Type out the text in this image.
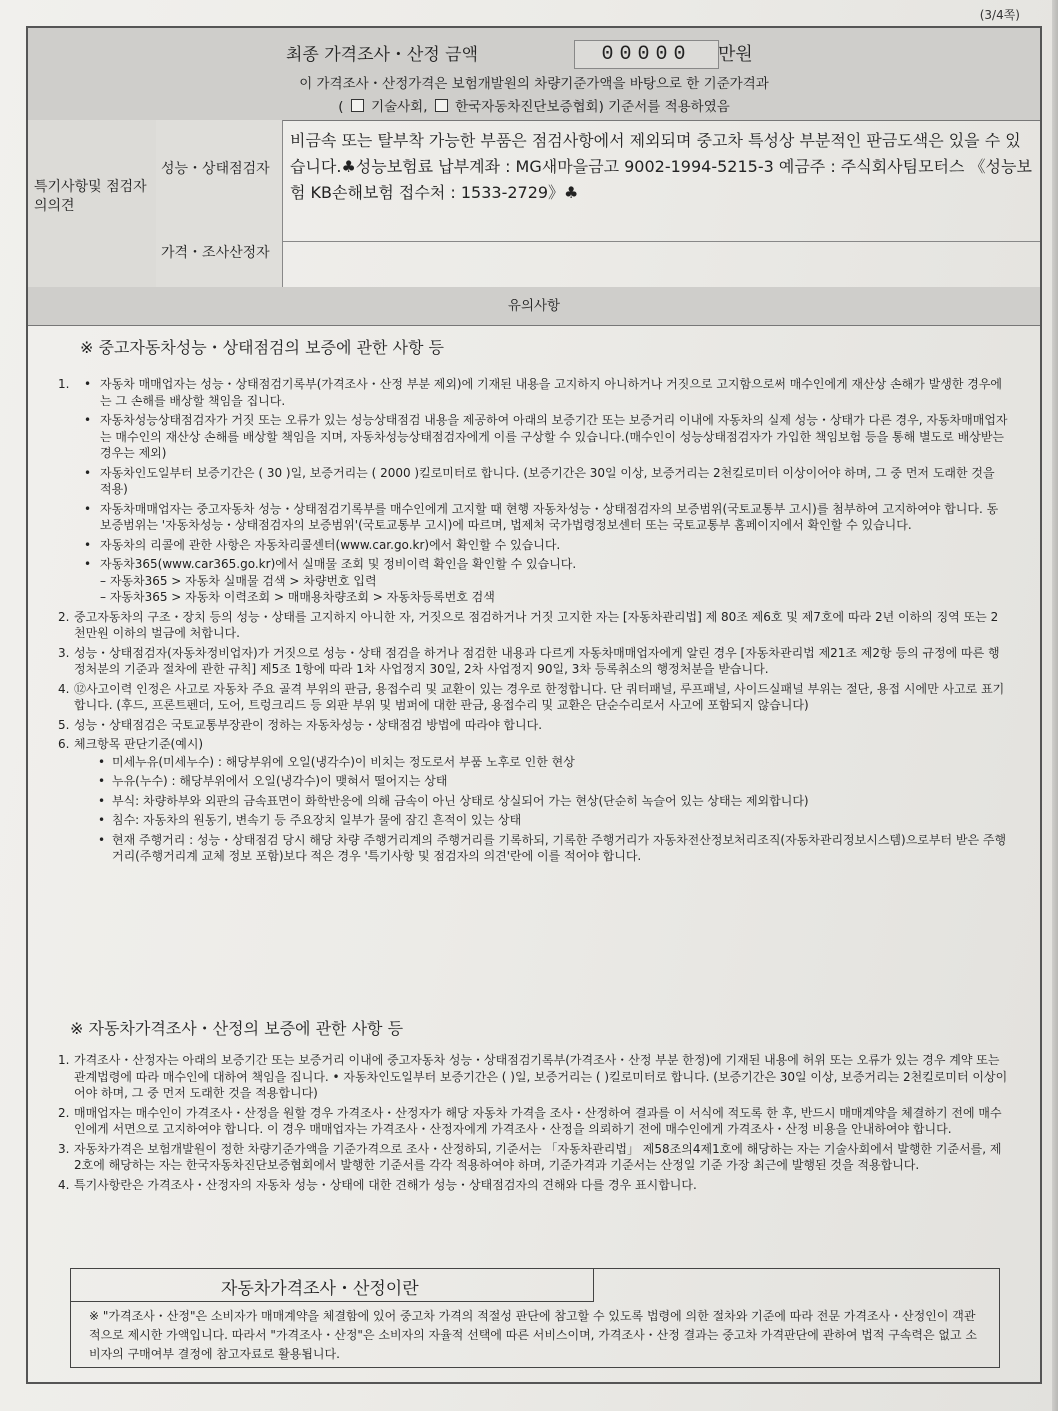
(3/4쪽)
최종 가격조사・산정 금액	00000	만원
이 가격조사・산정가격은 보험개발원의 차량기준가액을 바탕으로 한 기준가격과
( 기술사회, 한국자동차진단보증협회) 기준서를 적용하였음
특기사항및 점검자의의견
성능・상태점검자
가격・조사산정자
비금속 또는 탈부착 가능한 부품은 점검사항에서 제외되며 중고차 특성상 부분적인 판금도색은 있을 수 있습니다.♣성능보험료 납부계좌 : MG새마을금고 9002-1994-5215-3 예금주 : 주식회사팀모터스 《성능보험 KB손해보험 접수처 : 1533-2729》♣
유의사항
※ 중고자동차성능・상태점검의 보증에 관한 사항 등
1. • 자동차 매매업자는 성능・상태점검기록부(가격조사・산정 부분 제외)에 기재된 내용을 고지하지 아니하거나 거짓으로 고지함으로써 매수인에게 재산상 손해가 발생한 경우에는 그 손해를 배상할 책임을 집니다.
• 자동차성능상태점검자가 거짓 또는 오류가 있는 성능상태점검 내용을 제공하여 아래의 보증기간 또는 보증거리 이내에 자동차의 실제 성능・상태가 다른 경우, 자동차매매업자는 매수인의 재산상 손해를 배상할 책임을 지며, 자동차성능상태점검자에게 이를 구상할 수 있습니다.(매수인이 성능상태점검자가 가입한 책임보험 등을 통해 별도로 배상받는 경우는 제외)
• 자동차인도일부터 보증기간은 ( 30 )일, 보증거리는 ( 2000 )킬로미터로 합니다. (보증기간은 30일 이상, 보증거리는 2천킬로미터 이상이어야 하며, 그 중 먼저 도래한 것을 적용)
• 자동차매매업자는 중고자동차 성능・상태점검기록부를 매수인에게 고지할 때 현행 자동차성능・상태점검자의 보증범위(국토교통부 고시)를 첨부하여 고지하여야 합니다. 동 보증범위는 '자동차성능・상태점검자의 보증범위'(국토교통부 고시)에 따르며, 법제처 국가법령정보센터 또는 국토교통부 홈페이지에서 확인할 수 있습니다.
• 자동차의 리콜에 관한 사항은 자동차리콜센터(www.car.go.kr)에서 확인할 수 있습니다.
• 자동차365(www.car365.go.kr)에서 실매물 조회 및 정비이력 확인을 확인할 수 있습니다.
– 자동차365 > 자동차 실매물 검색 > 차량번호 입력
– 자동차365 > 자동차 이력조회 > 매매용차량조회 > 자동차등록번호 검색
2. 중고자동차의 구조・장치 등의 성능・상태를 고지하지 아니한 자, 거짓으로 점검하거나 거짓 고지한 자는 [자동차관리법] 제 80조 제6호 및 제7호에 따라 2년 이하의 징역 또는 2천만원 이하의 벌금에 처합니다.
3. 성능・상태점검자(자동차정비업자)가 거짓으로 성능・상태 점검을 하거나 점검한 내용과 다르게 자동차매매업자에게 알린 경우 [자동차관리법 제21조 제2항 등의 규정에 따른 행정처분의 기준과 절차에 관한 규칙] 제5조 1항에 따라 1차 사업정지 30일, 2차 사업정지 90일, 3차 등록취소의 행정처분을 받습니다.
4. ⑫사고이력 인정은 사고로 자동차 주요 골격 부위의 판금, 용접수리 및 교환이 있는 경우로 한정합니다. 단 쿼터패널, 루프패널, 사이드실패널 부위는 절단, 용접 시에만 사고로 표기합니다. (후드, 프론트펜더, 도어, 트렁크리드 등 외판 부위 및 범퍼에 대한 판금, 용접수리 및 교환은 단순수리로서 사고에 포함되지 않습니다)
5. 성능・상태점검은 국토교통부장관이 정하는 자동차성능・상태점검 방법에 따라야 합니다.
6. 체크항목 판단기준(예시)
• 미세누유(미세누수) : 해당부위에 오일(냉각수)이 비치는 정도로서 부품 노후로 인한 현상
• 누유(누수) : 해당부위에서 오일(냉각수)이 맺혀서 떨어지는 상태
• 부식: 차량하부와 외판의 금속표면이 화학반응에 의해 금속이 아닌 상태로 상실되어 가는 현상(단순히 녹슬어 있는 상태는 제외합니다)
• 침수: 자동차의 원동기, 변속기 등 주요장치 일부가 물에 잠긴 흔적이 있는 상태
• 현재 주행거리 : 성능・상태점검 당시 해당 차량 주행거리계의 주행거리를 기록하되, 기록한 주행거리가 자동차전산정보처리조직(자동차관리정보시스템)으로부터 받은 주행거리(주행거리계 교체 정보 포함)보다 적은 경우 '특기사항 및 점검자의 의견'란에 이를 적어야 합니다.
※ 자동차가격조사・산정의 보증에 관한 사항 등
1. 가격조사・산정자는 아래의 보증기간 또는 보증거리 이내에 중고자동차 성능・상태점검기록부(가격조사・산정 부분 한정)에 기재된 내용에 허위 또는 오류가 있는 경우 계약 또는 관계법령에 따라 매수인에 대하여 책임을 집니다. • 자동차인도일부터 보증기간은 ( )일, 보증거리는 ( )킬로미터로 합니다. (보증기간은 30일 이상, 보증거리는 2천킬로미터 이상이어야 하며, 그 중 먼저 도래한 것을 적용합니다)
2. 매매업자는 매수인이 가격조사・산정을 원할 경우 가격조사・산정자가 해당 자동차 가격을 조사・산정하여 결과를 이 서식에 적도록 한 후, 반드시 매매계약을 체결하기 전에 매수인에게 서면으로 고지하여야 합니다. 이 경우 매매업자는 가격조사・산정자에게 가격조사・산정을 의뢰하기 전에 매수인에게 가격조사・산정 비용을 안내하여야 합니다.
3. 자동차가격은 보험개발원이 정한 차량기준가액을 기준가격으로 조사・산정하되, 기준서는 「자동차관리법」 제58조의4제1호에 해당하는 자는 기술사회에서 발행한 기준서를, 제2호에 해당하는 자는 한국자동차진단보증협회에서 발행한 기준서를 각각 적용하여야 하며, 기준가격과 기준서는 산정일 기준 가장 최근에 발행된 것을 적용합니다.
4. 특기사항란은 가격조사・산정자의 자동차 성능・상태에 대한 견해가 성능・상태점검자의 견해와 다를 경우 표시합니다.
자동차가격조사・산정이란
※ "가격조사・산정"은 소비자가 매매계약을 체결함에 있어 중고차 가격의 적절성 판단에 참고할 수 있도록 법령에 의한 절차와 기준에 따라 전문 가격조사・산정인이 객관적으로 제시한 가액입니다. 따라서 "가격조사・산정"은 소비자의 자율적 선택에 따른 서비스이며, 가격조사・산정 결과는 중고차 가격판단에 관하여 법적 구속력은 없고 소비자의 구매여부 결정에 참고자료로 활용됩니다.
